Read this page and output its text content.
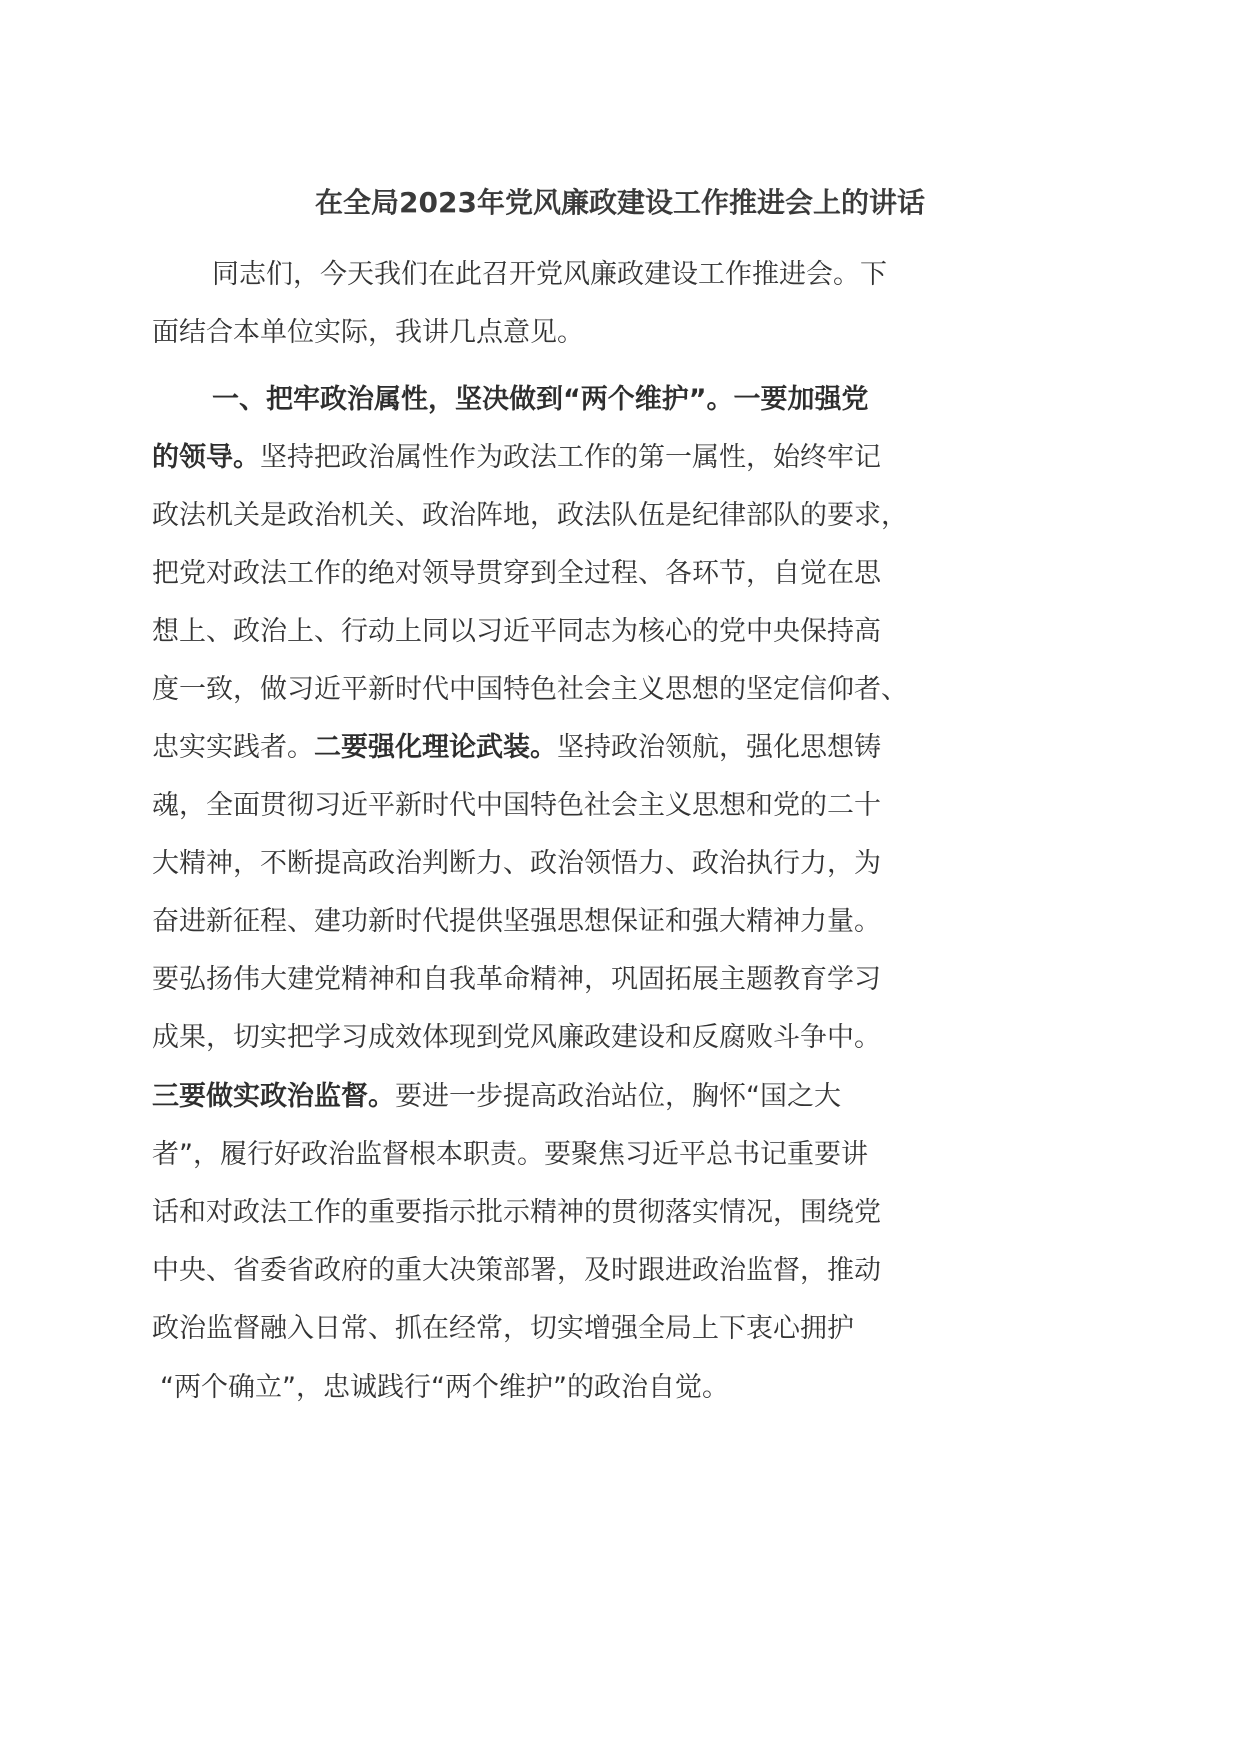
在全局2023年党风廉政建设工作推进会上的讲话
同志们，今天我们在此召开党风廉政建设工作推进会。下
面结合本单位实际，我讲几点意见。
一、把牢政治属性，坚决做到“两个维护”。一要加强党
的领导。坚持把政治属性作为政法工作的第一属性，始终牢记
政法机关是政治机关、政治阵地，政法队伍是纪律部队的要求，
把党对政法工作的绝对领导贯穿到全过程、各环节，自觉在思
想上、政治上、行动上同以习近平同志为核心的党中央保持高
度一致，做习近平新时代中国特色社会主义思想的坚定信仰者、
忠实实践者。二要强化理论武装。坚持政治领航，强化思想铸
魂，全面贯彻习近平新时代中国特色社会主义思想和党的二十
大精神，不断提高政治判断力、政治领悟力、政治执行力，为
奋进新征程、建功新时代提供坚强思想保证和强大精神力量。
要弘扬伟大建党精神和自我革命精神，巩固拓展主题教育学习
成果，切实把学习成效体现到党风廉政建设和反腐败斗争中。
三要做实政治监督。要进一步提高政治站位，胸怀“国之大
者”，履行好政治监督根本职责。要聚焦习近平总书记重要讲
话和对政法工作的重要指示批示精神的贯彻落实情况，围绕党
中央、省委省政府的重大决策部署，及时跟进政治监督，推动
政治监督融入日常、抓在经常，切实增强全局上下衷心拥护
“两个确立”，忠诚践行“两个维护”的政治自觉。
